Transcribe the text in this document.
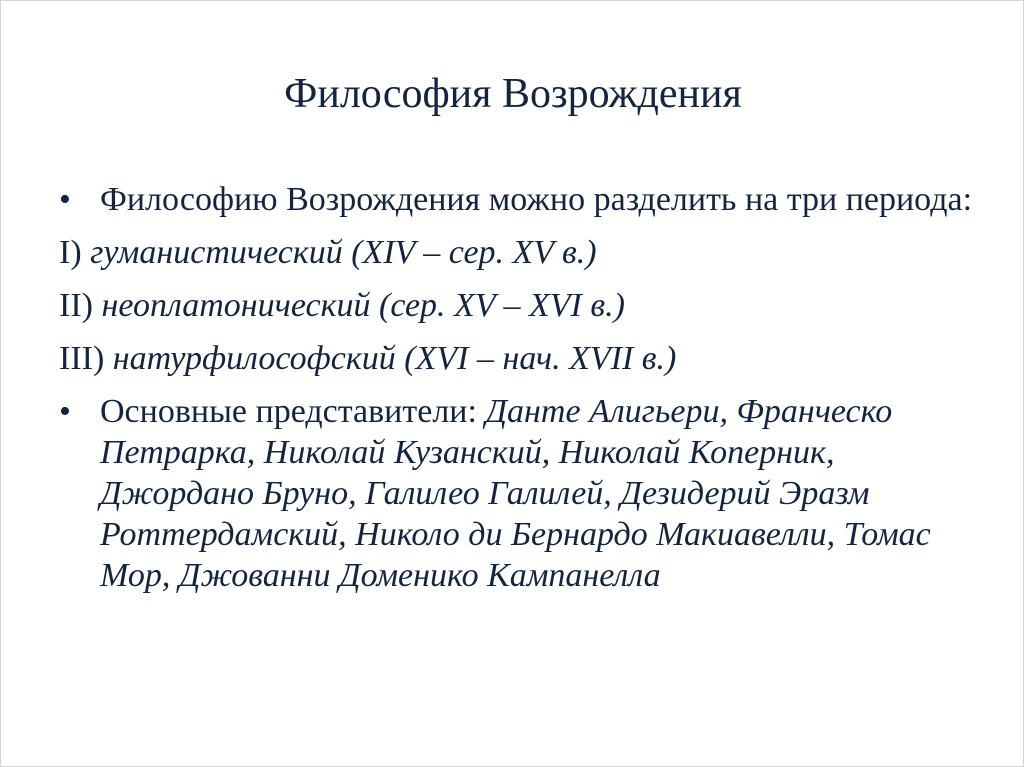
Философия Возрождения
• Философию Возрождения можно разделить на три периода:
I) гуманистический (XIV – сер. XV в.)
II) неоплатонический (сер. XV – XVI в.)
III) натурфилософский (XVI – нач. XVII в.)
• Основные представители: Данте Алигьери, Франческо Петрарка, Николай Кузанский, Николай Коперник, Джордано Бруно, Галилео Галилей, Дезидерий Эразм Роттердамский, Николо ди Бернардо Макиавелли, Томас Мор, Джованни Доменико Кампанелла
